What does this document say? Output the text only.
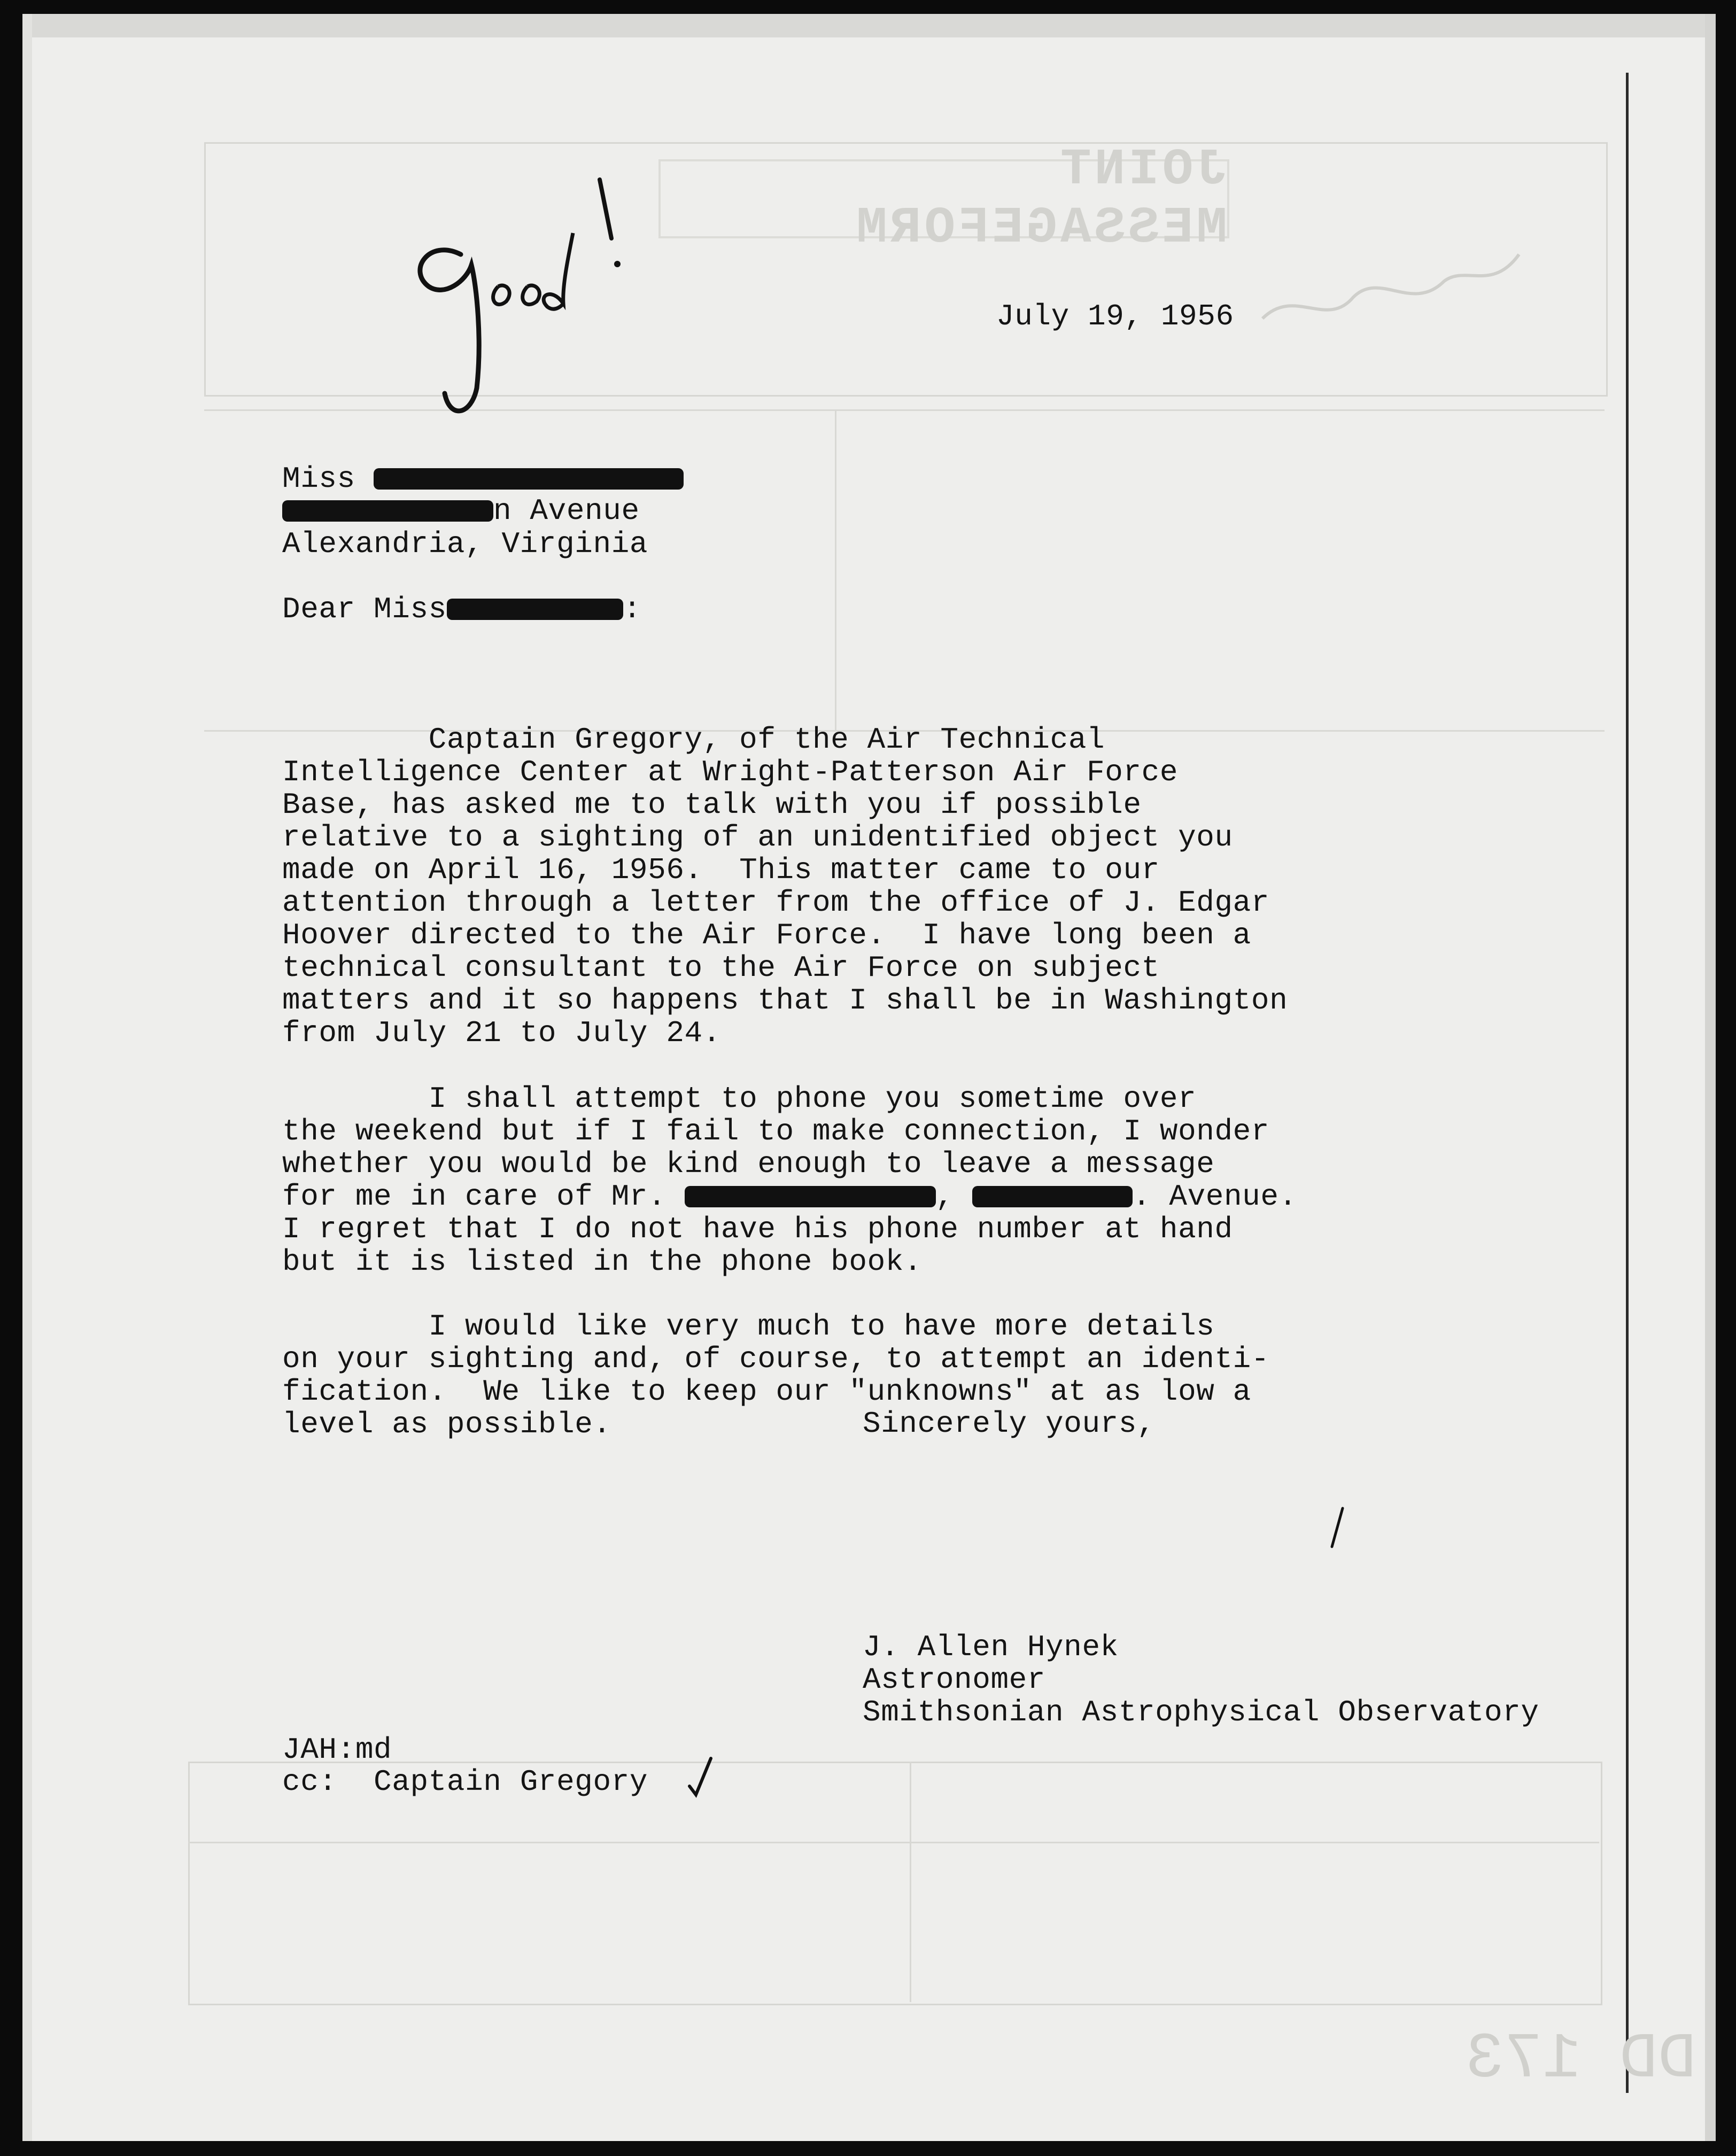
JOINT MESSAGEFORM
DD 173
July 19, 1956
Miss
n Avenue
Alexandria, Virginia
Dear Miss	:

Captain Gregory, of the Air Technical
Intelligence Center at Wright-Patterson Air Force
Base, has asked me to talk with you if possible
relative to a sighting of an unidentified object you
made on April 16, 1956.  This matter came to our
attention through a letter from the office of J. Edgar
Hoover directed to the Air Force.  I have long been a
technical consultant to the Air Force on subject
matters and it so happens that I shall be in Washington
from July 21 to July 24.

I shall attempt to phone you sometime over
the weekend but if I fail to make connection, I wonder
whether you would be kind enough to leave a message
for me in care of Mr.	,	. Avenue.
I regret that I do not have his phone number at hand
but it is listed in the phone book.

I would like very much to have more details
on your sighting and, of course, to attempt an identi-
fication.  We like to keep our "unknowns" at as low a
level as possible.

	Sincerely yours,

J. Allen Hynek
Astronomer
Smithsonian Astrophysical Observatory

JAH:md
cc: Captain Gregory
